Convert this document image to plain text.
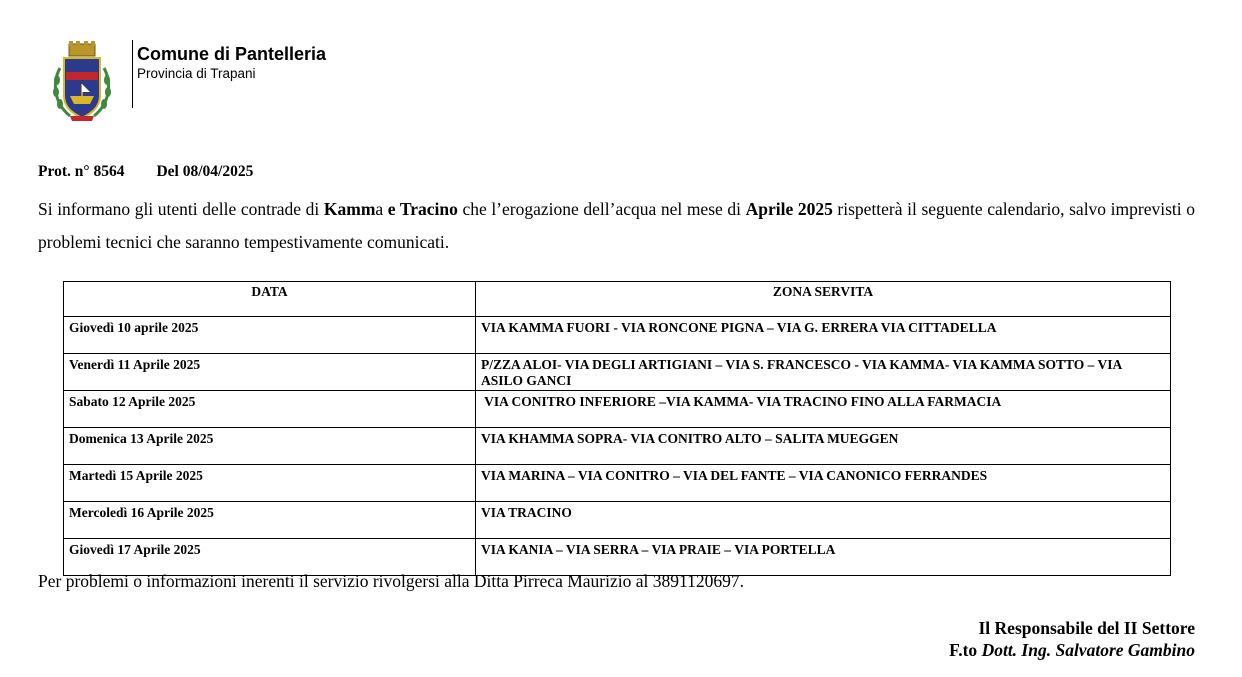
Comune di Pantelleria
Provincia di Trapani
Prot. n° 8564 Del 08/04/2025
Si informano gli utenti delle contrade di Kamma e Tracino che l’erogazione dell’acqua nel mese di Aprile 2025 rispetterà il seguente calendario, salvo imprevisti o problemi tecnici che saranno tempestivamente comunicati.
DATA	ZONA SERVITA
Giovedì 10 aprile 2025	VIA KAMMA FUORI - VIA RONCONE PIGNA – VIA G. ERRERA VIA CITTADELLA
Venerdì 11 Aprile 2025	P/ZZA ALOI- VIA DEGLI ARTIGIANI – VIA S. FRANCESCO - VIA KAMMA- VIA KAMMA SOTTO – VIA ASILO GANCI
Sabato 12 Aprile 2025	VIA CONITRO INFERIORE –VIA KAMMA- VIA TRACINO FINO ALLA FARMACIA
Domenica 13 Aprile 2025	VIA KHAMMA SOPRA- VIA CONITRO ALTO – SALITA MUEGGEN
Martedì 15 Aprile 2025	VIA MARINA – VIA CONITRO – VIA DEL FANTE – VIA CANONICO FERRANDES
Mercoledì 16 Aprile 2025	VIA TRACINO
Giovedì 17 Aprile 2025	VIA KANIA – VIA SERRA – VIA PRAIE – VIA PORTELLA
Per problemi o informazioni inerenti il servizio rivolgersi alla Ditta Pirreca Maurizio al 3891120697.
Il Responsabile del II Settore
F.to Dott. Ing. Salvatore Gambino
